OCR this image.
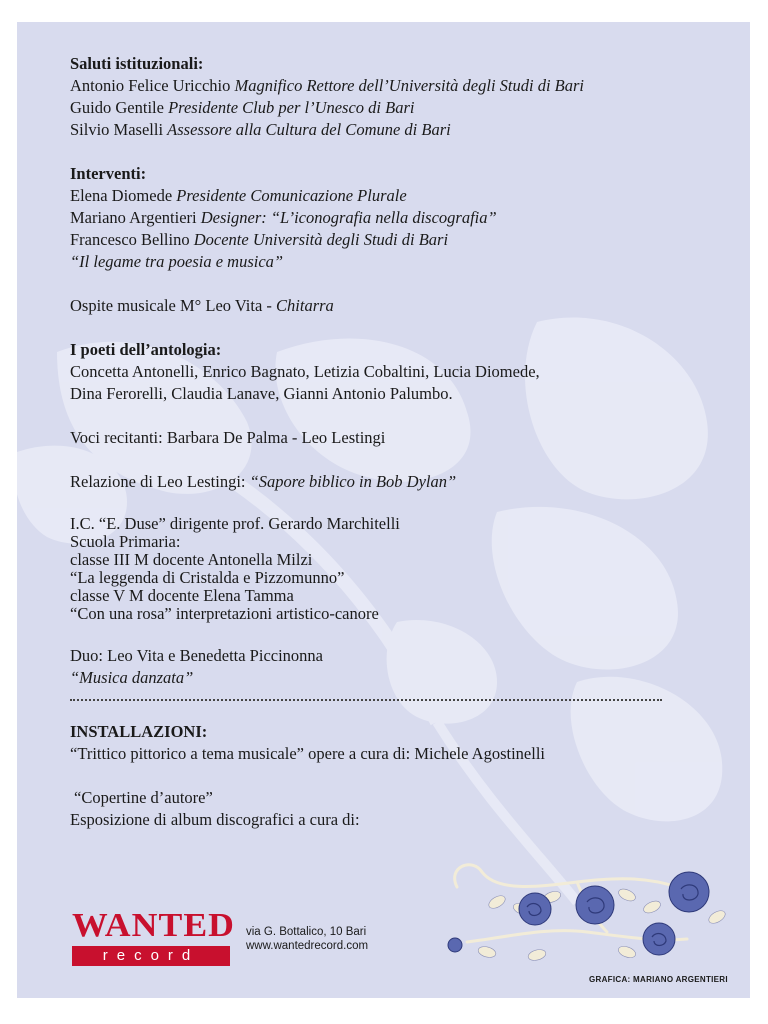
Saluti istituzionali:

Antonio Felice Uricchio Magnifico Rettore dell’Università degli Studi di Bari

Guido Gentile Presidente Club per l’Unesco di Bari

Silvio Maselli Assessore alla Cultura del Comune di Bari

Interventi:

Elena Diomede Presidente Comunicazione Plurale

Mariano Argentieri Designer: “L’iconografia nella discografia”

Francesco Bellino Docente Università degli Studi di Bari

“Il legame tra poesia e musica”

Ospite musicale M° Leo Vita - Chitarra

I poeti dell’antologia:

Concetta Antonelli, Enrico Bagnato, Letizia Cobaltini, Lucia Diomede,

Dina Ferorelli, Claudia Lanave, Gianni Antonio Palumbo.

Voci recitanti: Barbara De Palma - Leo Lestingi

Relazione di Leo Lestingi: “Sapore biblico in Bob Dylan”

I.C. “E. Duse” dirigente prof. Gerardo Marchitelli

Scuola Primaria:

classe III M docente Antonella Milzi

“La leggenda di Cristalda e Pizzomunno”

classe V M docente Elena Tamma

“Con una rosa” interpretazioni artistico-canore

Duo: Leo Vita e Benedetta Piccinonna

“Musica danzata”

INSTALLAZIONI:

“Trittico pittorico a tema musicale” opere a cura di: Michele Agostinelli

“Copertine d’autore”

Esposizione di album discografici a cura di:

WANTED
record
via G. Bottalico, 10 Bari
www.wantedrecord.com
GRAFICA: MARIANO ARGENTIERI
